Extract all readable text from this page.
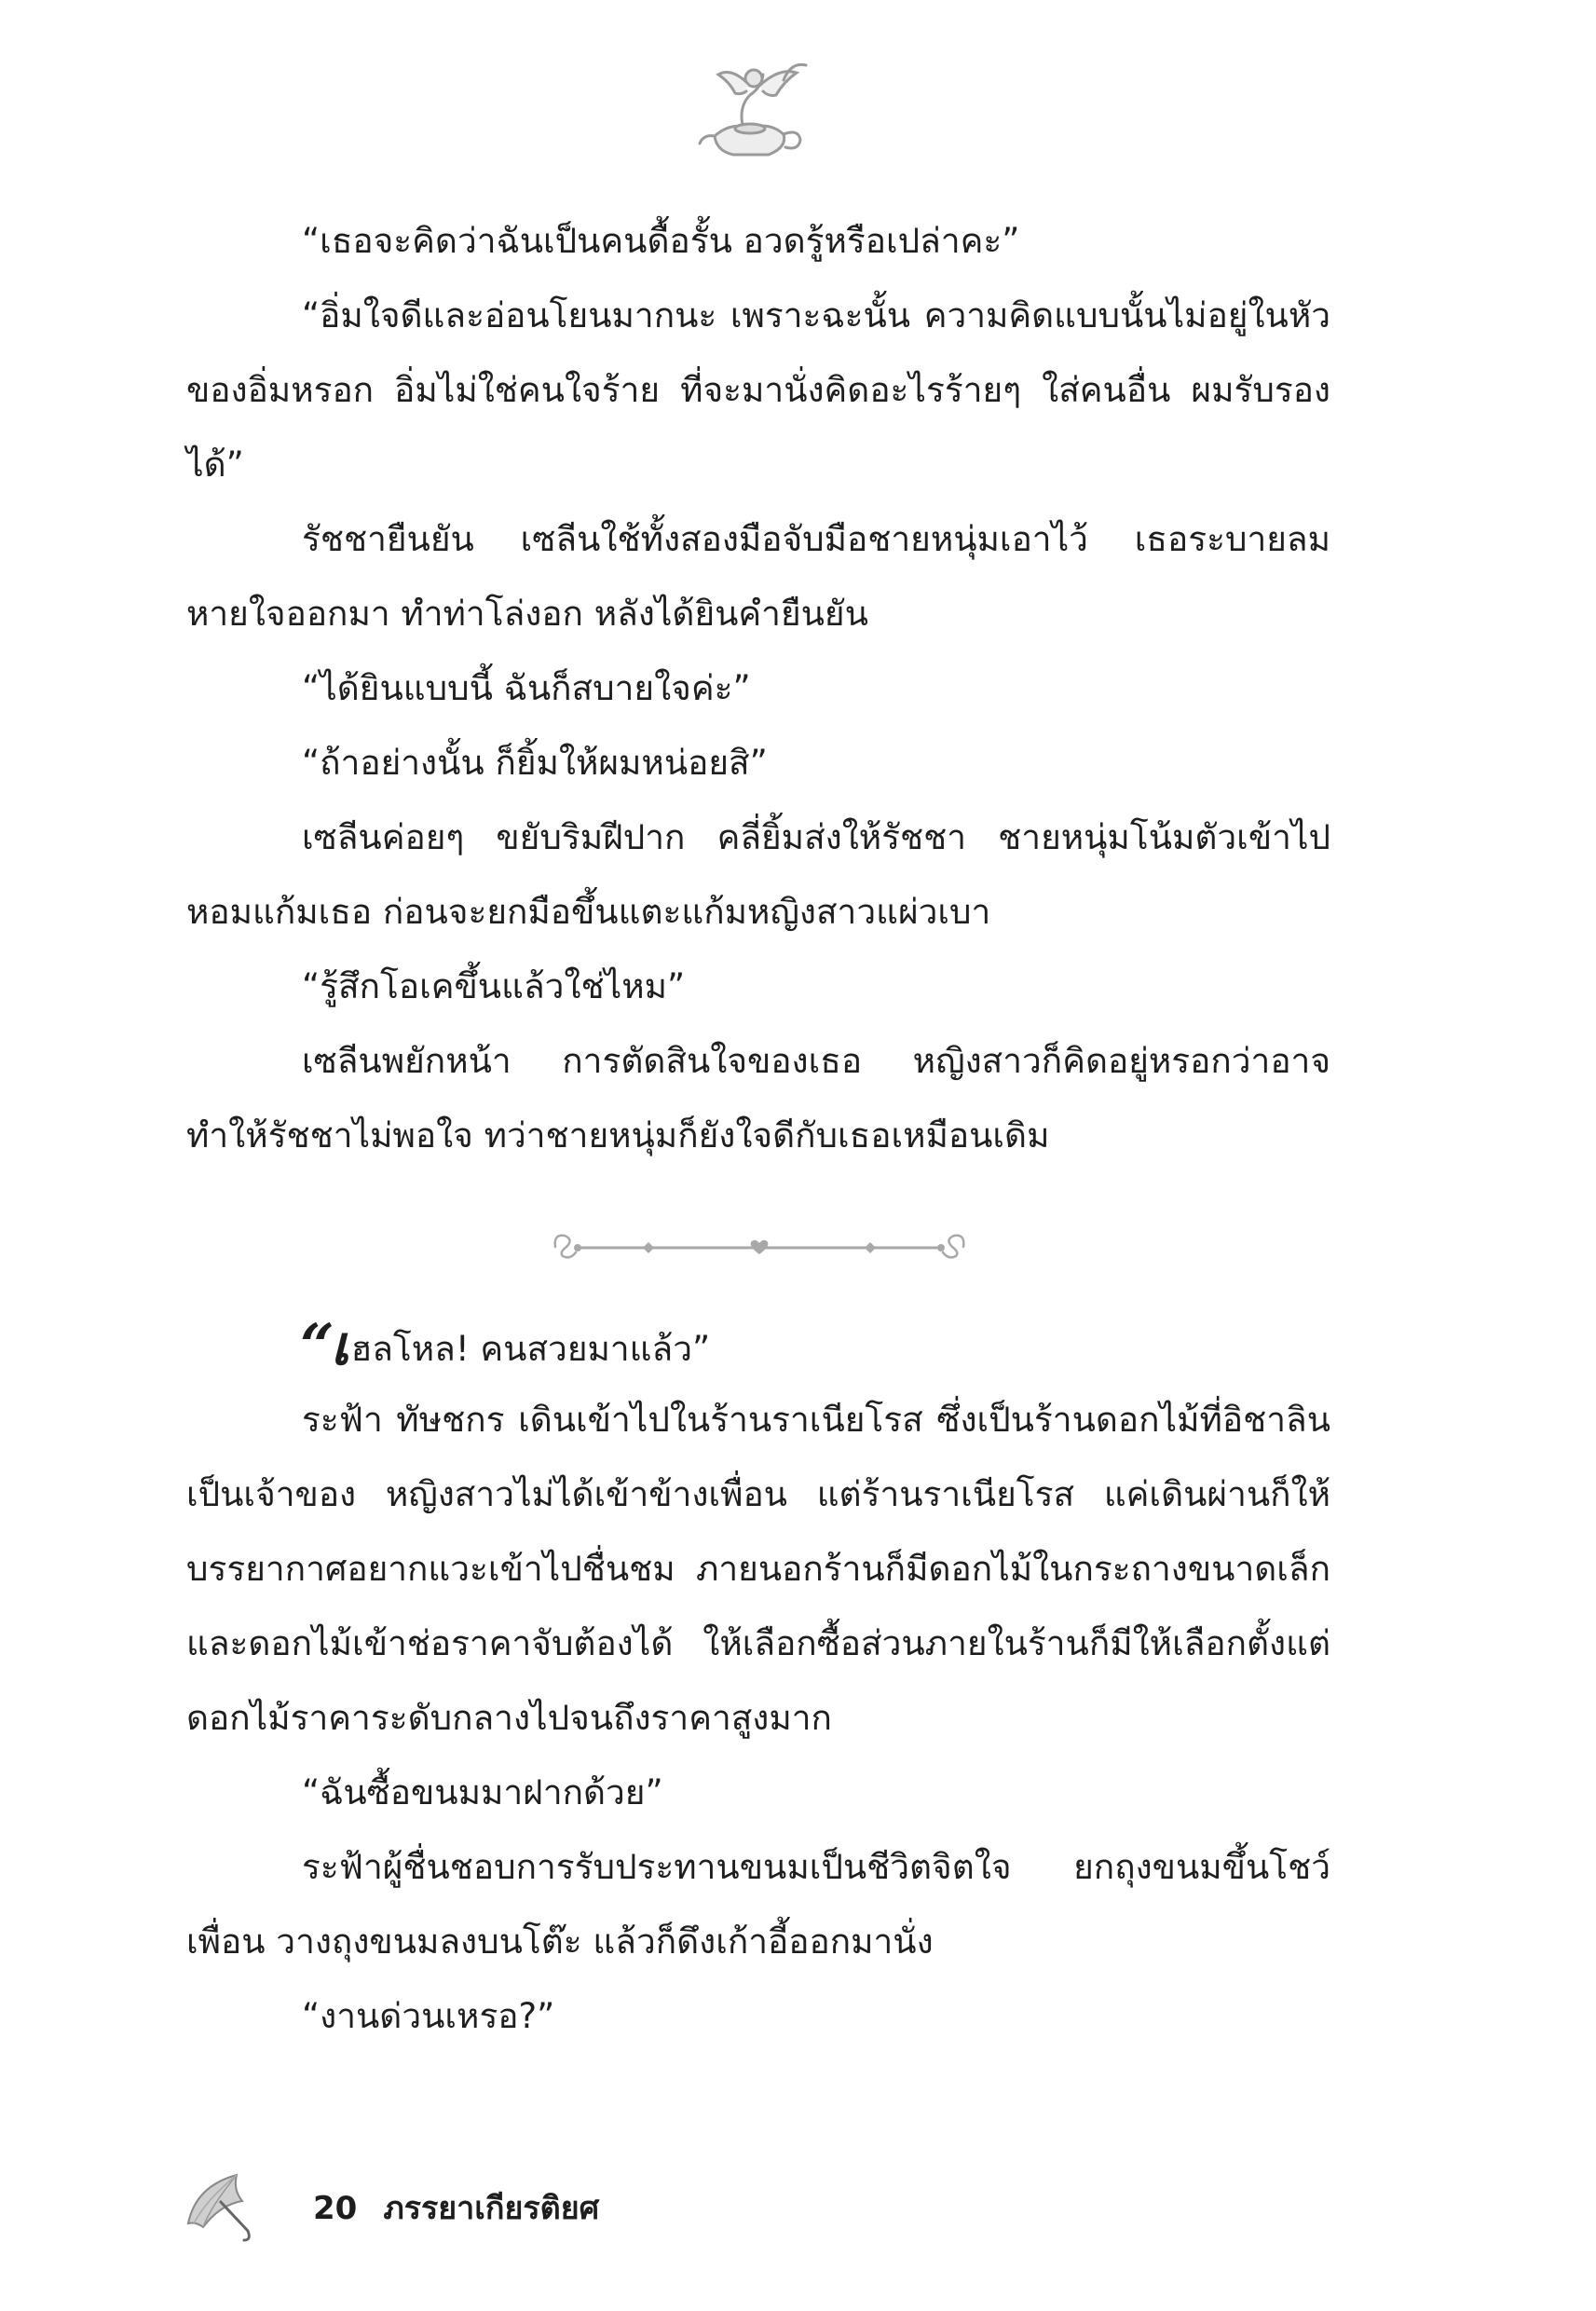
“เธอจะคิดว่าฉันเป็นคนดื้อรั้น อวดรู้หรือเปล่าคะ”

“อิ่มใจดีและอ่อนโยนมากนะ เพราะฉะนั้น ความคิดแบบนั้นไม่อยู่ในหัวของอิ่มหรอก อิ่มไม่ใช่คนใจร้าย ที่จะมานั่งคิดอะไรร้ายๆ ใส่คนอื่น ผมรับรองได้”

รัชชายืนยัน เซลีนใช้ทั้งสองมือจับมือชายหนุ่มเอาไว้ เธอระบายลมหายใจออกมา ทำท่าโล่งอก หลังได้ยินคำยืนยัน

“ได้ยินแบบนี้ ฉันก็สบายใจค่ะ”

“ถ้าอย่างนั้น ก็ยิ้มให้ผมหน่อยสิ”

เซลีนค่อยๆ ขยับริมฝีปาก คลี่ยิ้มส่งให้รัชชา ชายหนุ่มโน้มตัวเข้าไปหอมแก้มเธอ ก่อนจะยกมือขึ้นแตะแก้มหญิงสาวแผ่วเบา

“รู้สึกโอเคขึ้นแล้วใช่ไหม”

เซลีนพยักหน้า การตัดสินใจของเธอ หญิงสาวก็คิดอยู่หรอกว่าอาจทำให้รัชชาไม่พอใจ ทว่าชายหนุ่มก็ยังใจดีกับเธอเหมือนเดิม

“เฮลโหล! คนสวยมาแล้ว”

ระฟ้า ทัษชกร เดินเข้าไปในร้านราเนียโรส ซึ่งเป็นร้านดอกไม้ที่อิชาลินเป็นเจ้าของ หญิงสาวไม่ได้เข้าข้างเพื่อน แต่ร้านราเนียโรส แค่เดินผ่านก็ให้บรรยากาศอยากแวะเข้าไปชื่นชม ภายนอกร้านก็มีดอกไม้ในกระถางขนาดเล็ก และดอกไม้เข้าช่อราคาจับต้องได้ ให้เลือกซื้อส่วนภายในร้านก็มีให้เลือกตั้งแต่ดอกไม้ราคาระดับกลางไปจนถึงราคาสูงมาก

“ฉันซื้อขนมมาฝากด้วย”

ระฟ้าผู้ชื่นชอบการรับประทานขนมเป็นชีวิตจิตใจ ยกถุงขนมขึ้นโชว์เพื่อน วางถุงขนมลงบนโต๊ะ แล้วก็ดึงเก้าอี้ออกมานั่ง

“งานด่วนเหรอ?”

20 ภรรยาเกียรติยศ
